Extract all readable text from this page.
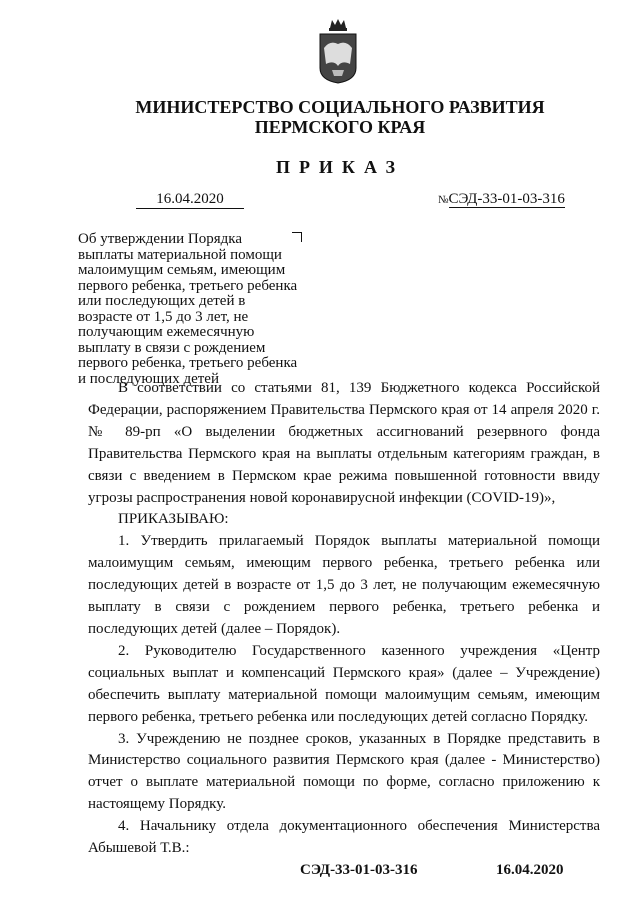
МИНИСТЕРСТВО СОЦИАЛЬНОГО РАЗВИТИЯ
ПЕРМСКОГО КРАЯ
ПРИКАЗ
16.04.2020	№СЭД-33-01-03-316
Об утверждении Порядка
выплаты материальной помощи
малоимущим семьям, имеющим
первого ребенка, третьего ребенка
или последующих детей в
возрасте от 1,5 до 3 лет, не
получающим ежемесячную
выплату в связи с рождением
первого ребенка, третьего ребенка
и последующих детей

В соответствии со статьями 81, 139 Бюджетного кодекса Российской Федерации, распоряжением Правительства Пермского края от 14 апреля 2020 г. № 89-рп «О выделении бюджетных ассигнований резервного фонда Правительства Пермского края на выплаты отдельным категориям граждан, в связи с введением в Пермском крае режима повышенной готовности ввиду угрозы распространения новой коронавирусной инфекции (COVID-19)»,

ПРИКАЗЫВАЮ:

1. Утвердить прилагаемый Порядок выплаты материальной помощи малоимущим семьям, имеющим первого ребенка, третьего ребенка или последующих детей в возрасте от 1,5 до 3 лет, не получающим ежемесячную выплату в связи с рождением первого ребенка, третьего ребенка и последующих детей (далее – Порядок).

2. Руководителю Государственного казенного учреждения «Центр социальных выплат и компенсаций Пермского края» (далее – Учреждение) обеспечить выплату материальной помощи малоимущим семьям, имеющим первого ребенка, третьего ребенка или последующих детей согласно Порядку.

3. Учреждению не позднее сроков, указанных в Порядке представить в Министерство социального развития Пермского края (далее - Министерство) отчет о выплате материальной помощи по форме, согласно приложению к настоящему Порядку.

4. Начальнику отдела документационного обеспечения Министерства Абышевой Т.В.:

СЭД-33-01-03-316	16.04.2020
